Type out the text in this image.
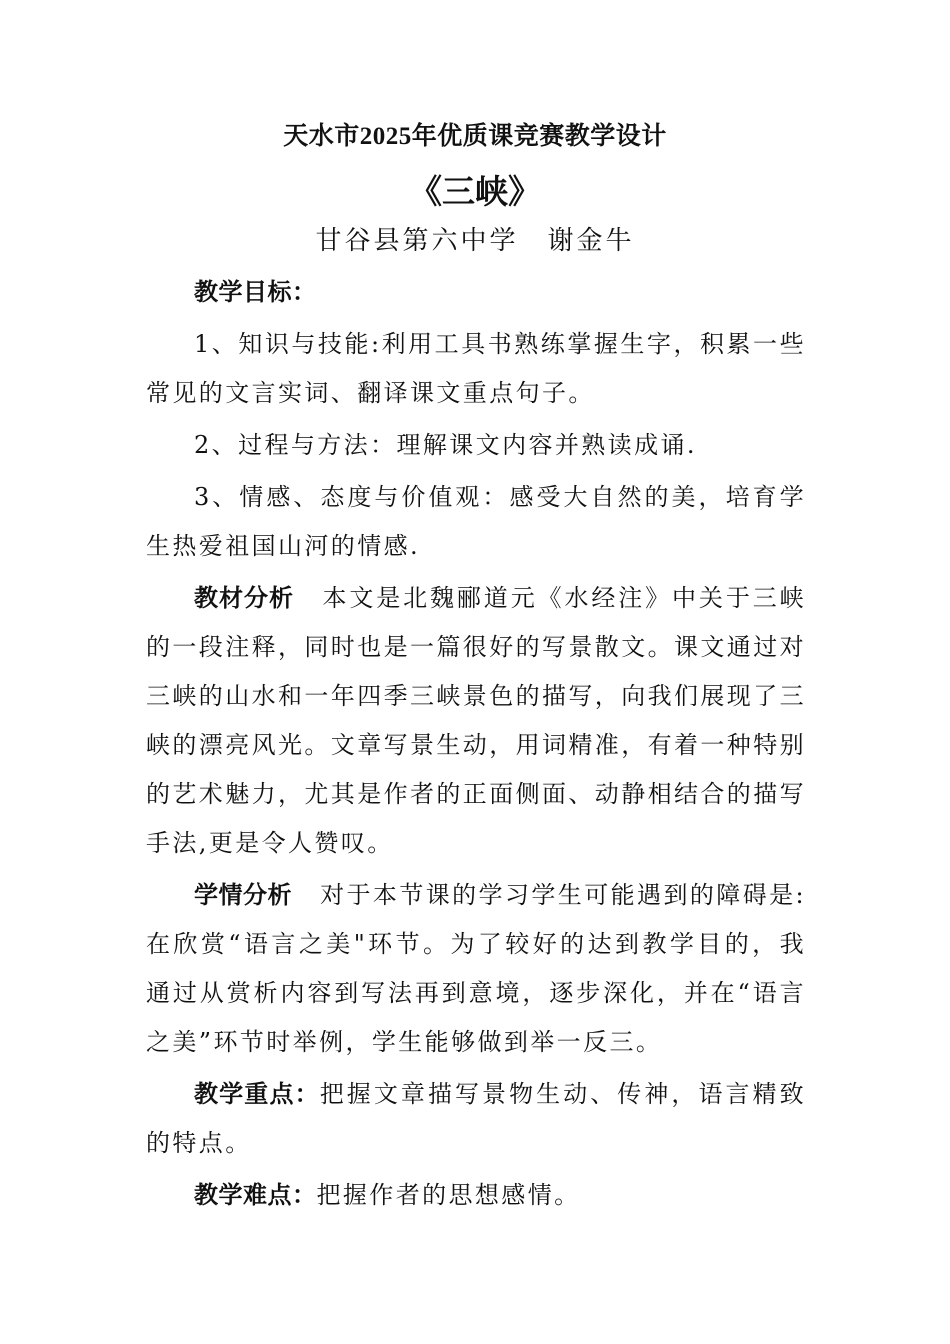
天水市2025年优质课竞赛教学设计
《三峡》
甘谷县第六中学　谢金牛

教学目标：

1、知识与技能:利用工具书熟练掌握生字，积累一些常见的文言实词、翻译课文重点句子。

2、过程与方法：理解课文内容并熟读成诵.

3、情感、态度与价值观：感受大自然的美，培育学生热爱祖国山河的情感.

教材分析 本文是北魏郦道元《水经注》中关于三峡的一段注释，同时也是一篇很好的写景散文。课文通过对三峡的山水和一年四季三峡景色的描写，向我们展现了三峡的漂亮风光。文章写景生动，用词精准，有着一种特别的艺术魅力，尤其是作者的正面侧面、动静相结合的描写手法,更是令人赞叹。

学情分析 对于本节课的学习学生可能遇到的障碍是:在欣赏“语言之美"环节。为了较好的达到教学目的，我通过从赏析内容到写法再到意境，逐步深化，并在“语言之美”环节时举例，学生能够做到举一反三。

教学重点：把握文章描写景物生动、传神，语言精致的特点。

教学难点：把握作者的思想感情。
